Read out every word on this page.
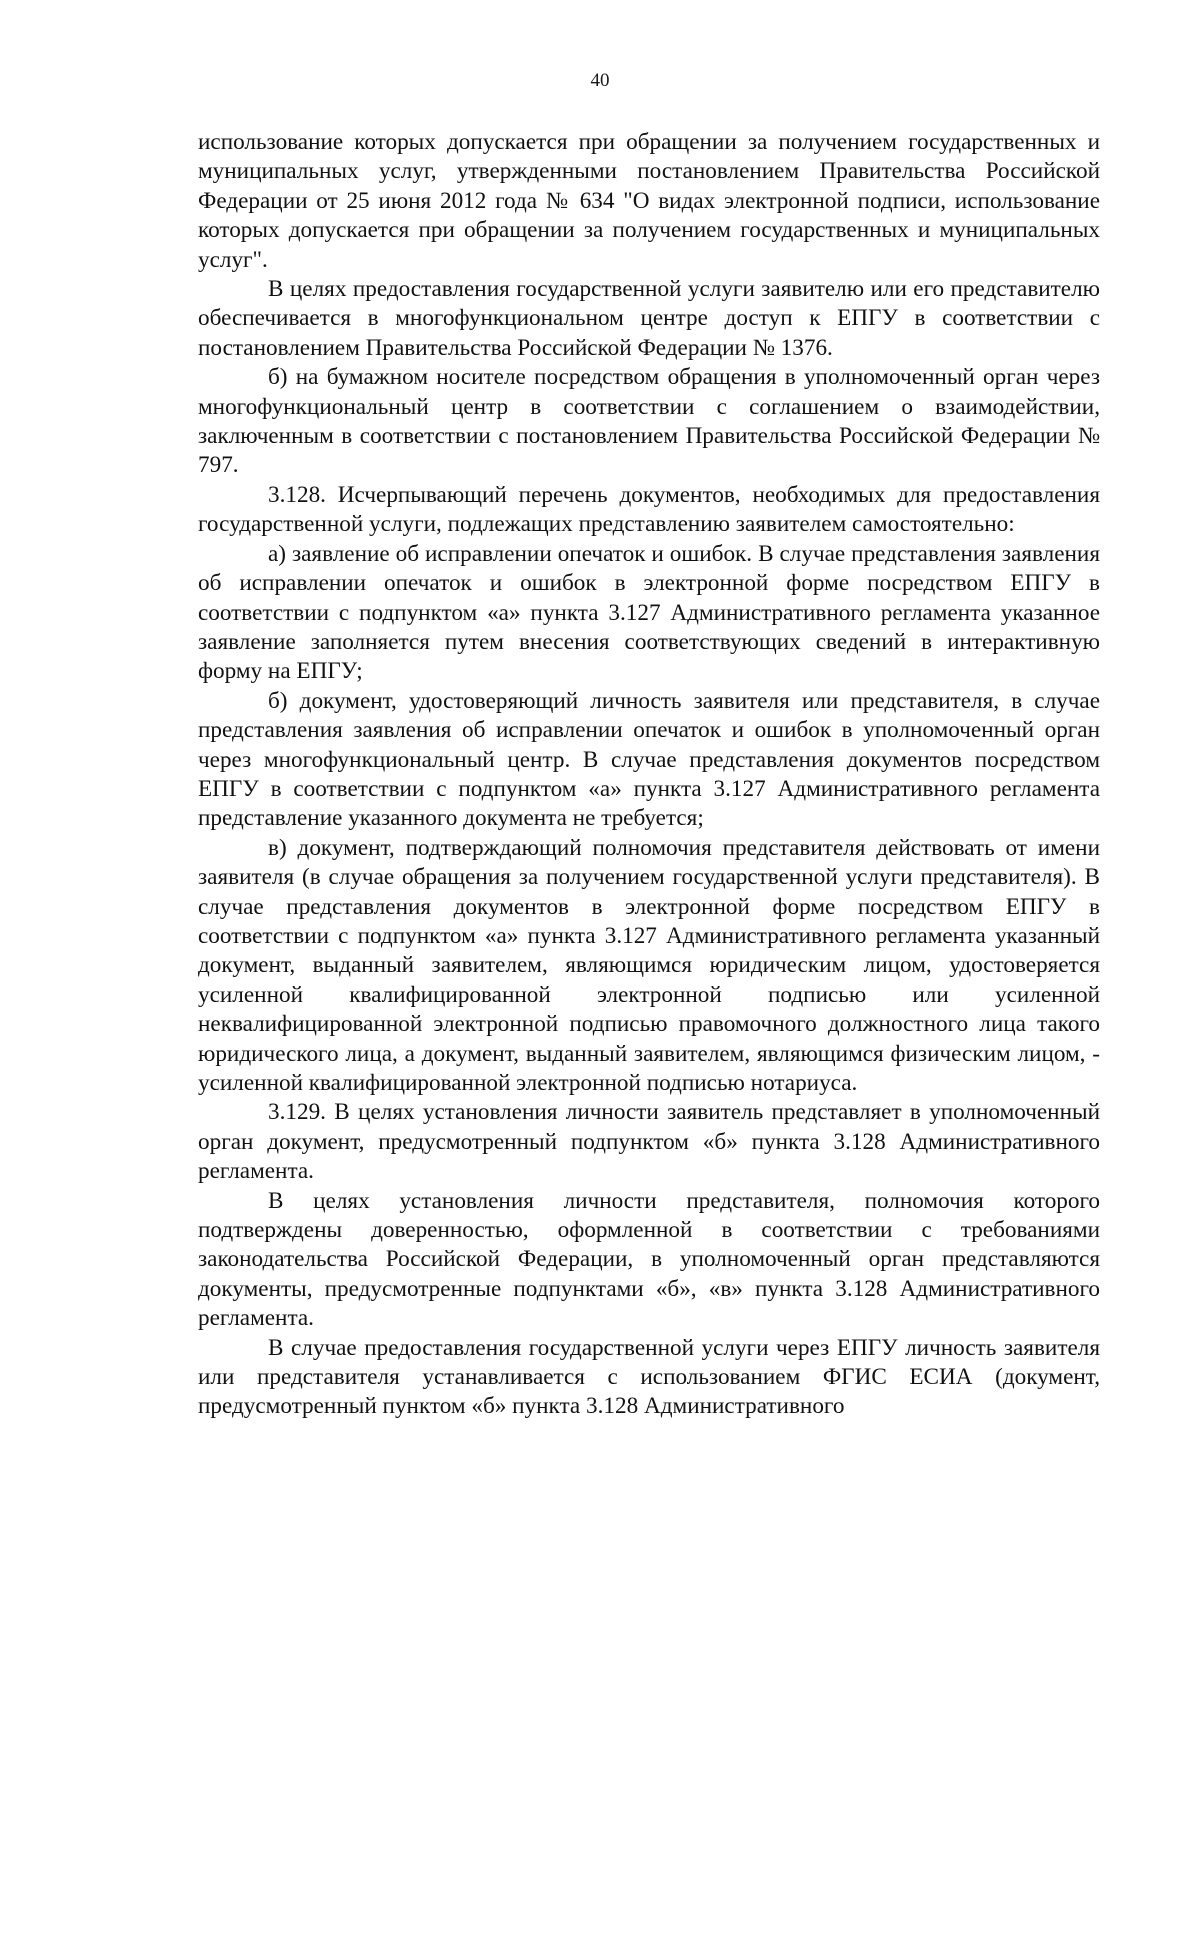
40

использование которых допускается при обращении за получением государственных и муниципальных услуг, утвержденными постановлением Правительства Российской Федерации от 25 июня 2012 года № 634 "О видах электронной подписи, использование которых допускается при обращении за получением государственных и муниципальных услуг".

В целях предоставления государственной услуги заявителю или его представителю обеспечивается в многофункциональном центре доступ к ЕПГУ в соответствии с постановлением Правительства Российской Федерации № 1376.

б) на бумажном носителе посредством обращения в уполномоченный орган через многофункциональный центр в соответствии с соглашением о взаимодействии, заключенным в соответствии с постановлением Правительства Российской Федерации № 797.

3.128. Исчерпывающий перечень документов, необходимых для предоставления государственной услуги, подлежащих представлению заявителем самостоятельно:

а) заявление об исправлении опечаток и ошибок. В случае представления заявления об исправлении опечаток и ошибок в электронной форме посредством ЕПГУ в соответствии с подпунктом «а» пункта 3.127 Административного регламента указанное заявление заполняется путем внесения соответствующих сведений в интерактивную форму на ЕПГУ;

б) документ, удостоверяющий личность заявителя или представителя, в случае представления заявления об исправлении опечаток и ошибок в уполномоченный орган через многофункциональный центр. В случае представления документов посредством ЕПГУ в соответствии с подпунктом «а» пункта 3.127 Административного регламента представление указанного документа не требуется;

в) документ, подтверждающий полномочия представителя действовать от имени заявителя (в случае обращения за получением государственной услуги представителя). В случае представления документов в электронной форме посредством ЕПГУ в соответствии с подпунктом «а» пункта 3.127 Административного регламента указанный документ, выданный заявителем, являющимся юридическим лицом, удостоверяется усиленной квалифицированной электронной подписью или усиленной неквалифицированной электронной подписью правомочного должностного лица такого юридического лица, а документ, выданный заявителем, являющимся физическим лицом, - усиленной квалифицированной электронной подписью нотариуса.

3.129. В целях установления личности заявитель представляет в уполномоченный орган документ, предусмотренный подпунктом «б» пункта 3.128 Административного регламента.

В целях установления личности представителя, полномочия которого подтверждены доверенностью, оформленной в соответствии с требованиями законодательства Российской Федерации, в уполномоченный орган представляются документы, предусмотренные подпунктами «б», «в» пункта 3.128 Административного регламента.

В случае предоставления государственной услуги через ЕПГУ личность заявителя или представителя устанавливается с использованием ФГИС ЕСИА (документ, предусмотренный пунктом «б» пункта 3.128 Административного
